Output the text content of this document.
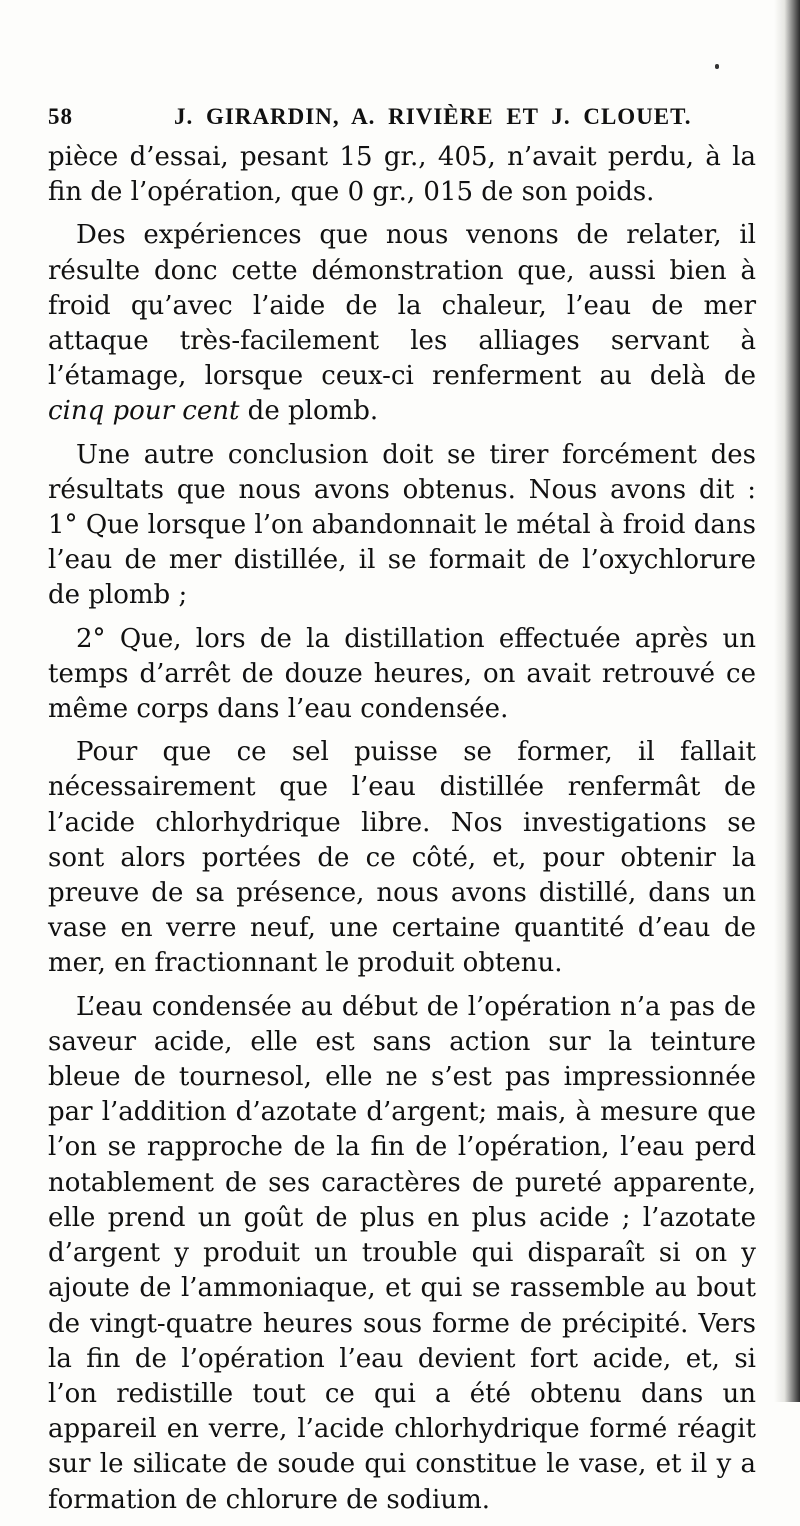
58	J. GIRARDIN, A. RIVIÈRE ET J. CLOUET.

pièce d’essai, pesant 15 gr., 405, n’avait perdu, à la fin de l’opération, que 0 gr., 015 de son poids.

Des expériences que nous venons de relater, il résulte donc cette démonstration que, aussi bien à froid qu’avec l’aide de la chaleur, l’eau de mer attaque très-facilement les alliages servant à l’étamage, lorsque ceux-ci renferment au delà de cinq pour cent de plomb.

Une autre conclusion doit se tirer forcément des résultats que nous avons obtenus. Nous avons dit : 1° Que lorsque l’on abandonnait le métal à froid dans l’eau de mer distillée, il se formait de l’oxychlorure de plomb ;

2° Que, lors de la distillation effectuée après un temps d’arrêt de douze heures, on avait retrouvé ce même corps dans l’eau condensée.

Pour que ce sel puisse se former, il fallait nécessairement que l’eau distillée renfermât de l’acide chlorhydrique libre. Nos investigations se sont alors portées de ce côté, et, pour obtenir la preuve de sa présence, nous avons distillé, dans un vase en verre neuf, une certaine quantité d’eau de mer, en fractionnant le produit obtenu.

L’eau condensée au début de l’opération n’a pas de saveur acide, elle est sans action sur la teinture bleue de tournesol, elle ne s’est pas impressionnée par l’addition d’azotate d’argent; mais, à mesure que l’on se rapproche de la fin de l’opération, l’eau perd notablement de ses caractères de pureté apparente, elle prend un goût de plus en plus acide ; l’azotate d’argent y produit un trouble qui disparaît si on y ajoute de l’ammoniaque, et qui se rassemble au bout de vingt-quatre heures sous forme de précipité. Vers la fin de l’opération l’eau devient fort acide, et, si l’on redistille tout ce qui a été obtenu dans un appareil en verre, l’acide chlorhydrique formé réagit sur le silicate de soude qui constitue le vase, et il y a formation de chlorure de sodium.
